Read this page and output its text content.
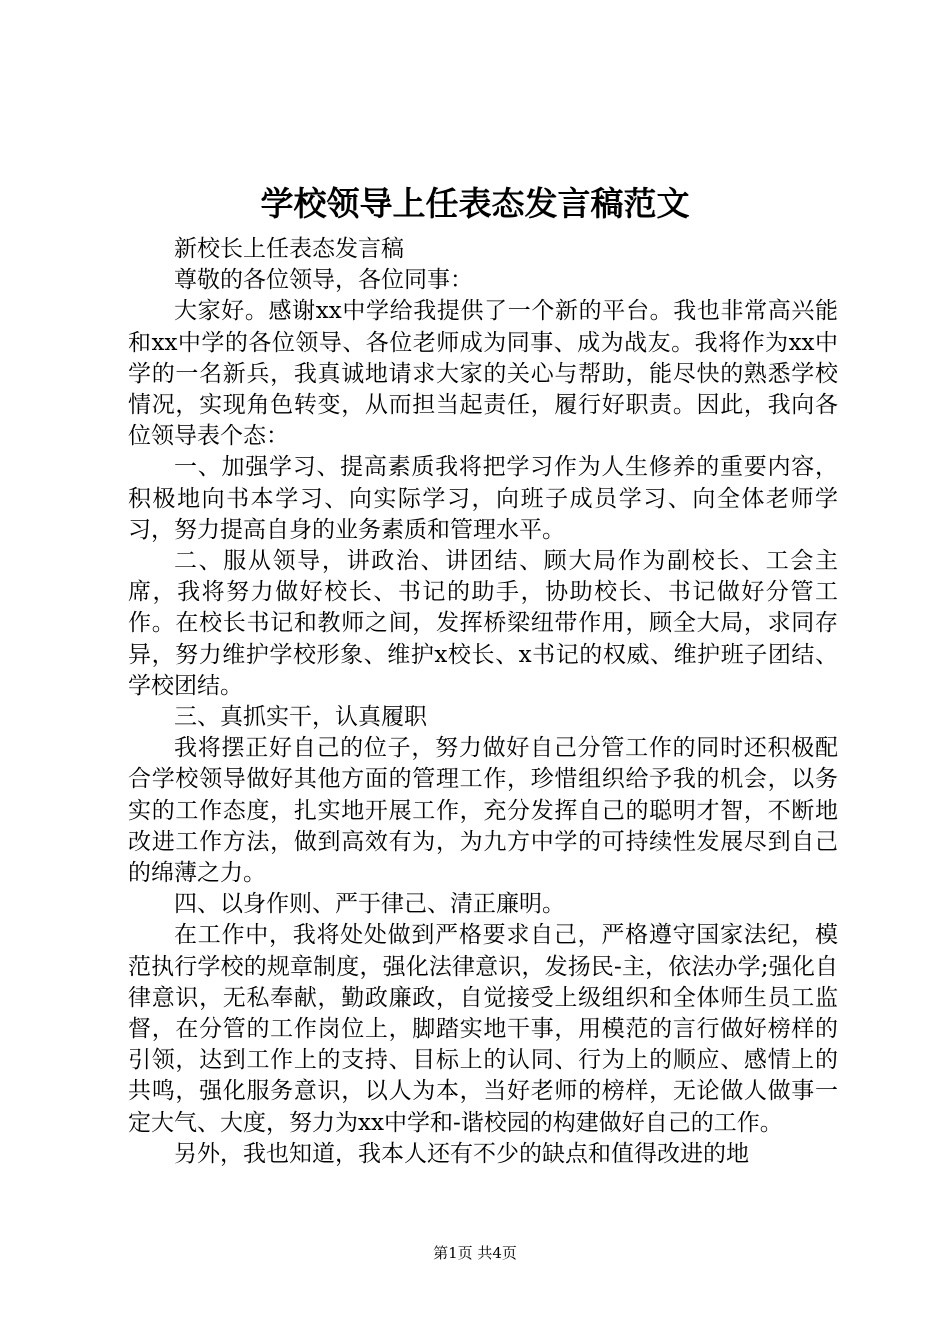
学校领导上任表态发言稿范文

新校长上任表态发言稿

尊敬的各位领导，各位同事：

大家好。感谢xx中学给我提供了一个新的平台。我也非常高兴能和xx中学的各位领导、各位老师成为同事、成为战友。我将作为xx中学的一名新兵，我真诚地请求大家的关心与帮助，能尽快的熟悉学校情况，实现角色转变，从而担当起责任，履行好职责。因此，我向各位领导表个态：

一、加强学习、提高素质我将把学习作为人生修养的重要内容，积极地向书本学习、向实际学习，向班子成员学习、向全体老师学习，努力提高自身的业务素质和管理水平。

二、服从领导，讲政治、讲团结、顾大局作为副校长、工会主席，我将努力做好校长、书记的助手，协助校长、书记做好分管工作。在校长书记和教师之间，发挥桥梁纽带作用，顾全大局，求同存异，努力维护学校形象、维护x校长、x书记的权威、维护班子团结、学校团结。

三、真抓实干，认真履职

我将摆正好自己的位子，努力做好自己分管工作的同时还积极配合学校领导做好其他方面的管理工作，珍惜组织给予我的机会，以务实的工作态度，扎实地开展工作，充分发挥自己的聪明才智，不断地改进工作方法，做到高效有为，为九方中学的可持续性发展尽到自己的绵薄之力。

四、以身作则、严于律己、清正廉明。

在工作中，我将处处做到严格要求自己，严格遵守国家法纪，模范执行学校的规章制度，强化法律意识，发扬民-主，依法办学;强化自律意识，无私奉献，勤政廉政，自觉接受上级组织和全体师生员工监督，在分管的工作岗位上，脚踏实地干事，用模范的言行做好榜样的引领，达到工作上的支持、目标上的认同、行为上的顺应、感情上的共鸣，强化服务意识，以人为本，当好老师的榜样，无论做人做事一定大气、大度，努力为xx中学和-谐校园的构建做好自己的工作。

另外，我也知道，我本人还有不少的缺点和值得改进的地

第1页 共4页
